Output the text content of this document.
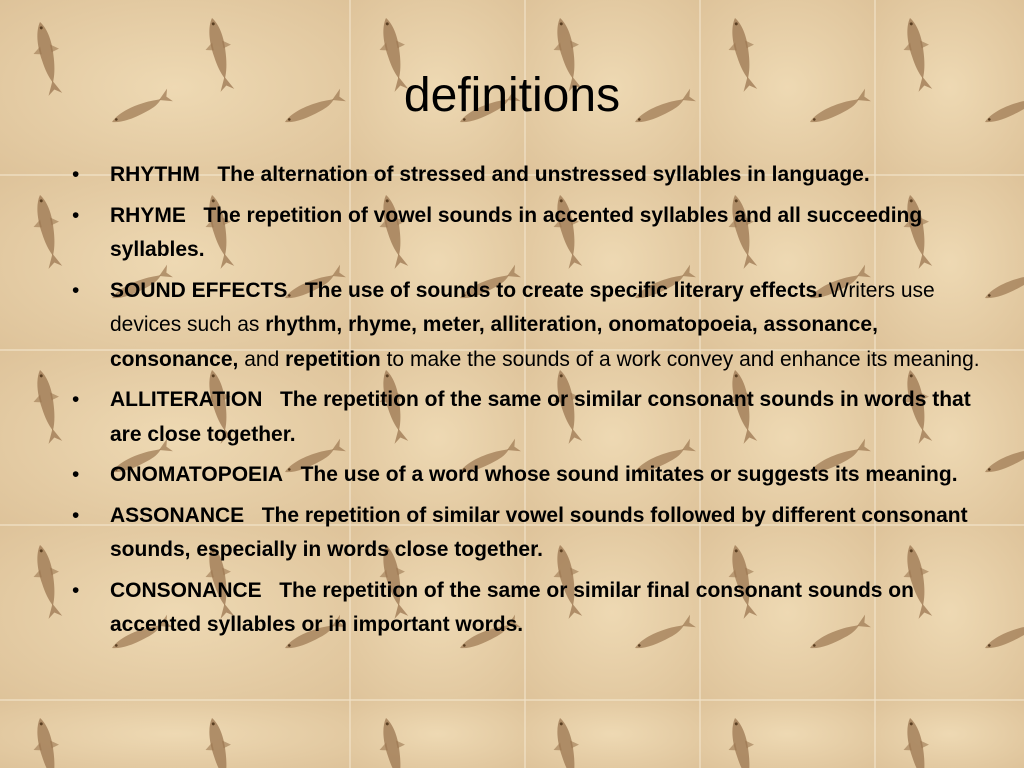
definitions
• RHYTHM The alternation of stressed and unstressed syllables in language.
• RHYME The repetition of vowel sounds in accented syllables and all succeeding syllables.
• SOUND EFFECTS The use of sounds to create specific literary effects. Writers use devices such as rhythm, rhyme, meter, alliteration, onomatopoeia, assonance, consonance, and repetition to make the sounds of a work convey and enhance its meaning.
• ALLITERATION The repetition of the same or similar consonant sounds in words that are close together.
• ONOMATOPOEIA The use of a word whose sound imitates or suggests its meaning.
• ASSONANCE The repetition of similar vowel sounds followed by different consonant sounds, especially in words close together.
• CONSONANCE The repetition of the same or similar final consonant sounds on accented syllables or in important words.
